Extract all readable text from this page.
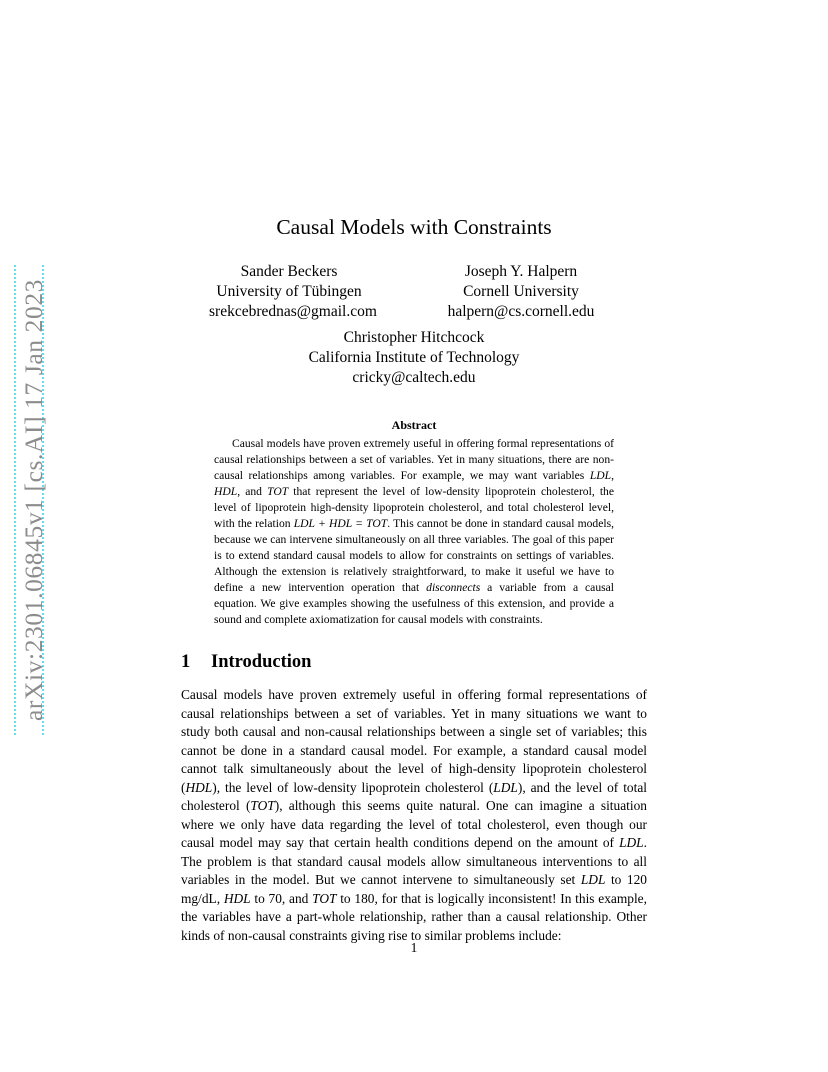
arXiv:2301.06845v1 [cs.AI] 17 Jan 2023
Causal Models with Constraints
Sander Beckers
University of Tübingen
srekcebrednas@gmail.com
Joseph Y. Halpern
Cornell University
halpern@cs.cornell.edu
Christopher Hitchcock
California Institute of Technology
cricky@caltech.edu
Abstract

Causal models have proven extremely useful in offering formal representations of causal relationships between a set of variables. Yet in many situations, there are non-causal relationships among variables. For example, we may want variables LDL, HDL, and TOT that represent the level of low-density lipoprotein cholesterol, the level of lipoprotein high-density lipoprotein cholesterol, and total cholesterol level, with the relation LDL + HDL = TOT. This cannot be done in standard causal models, because we can intervene simultaneously on all three variables. The goal of this paper is to extend standard causal models to allow for constraints on settings of variables. Although the extension is relatively straightforward, to make it useful we have to define a new intervention operation that disconnects a variable from a causal equation. We give examples showing the usefulness of this extension, and provide a sound and complete axiomatization for causal models with constraints.

1 Introduction

Causal models have proven extremely useful in offering formal representations of causal relationships between a set of variables. Yet in many situations we want to study both causal and non-causal relationships between a single set of variables; this cannot be done in a standard causal model. For example, a standard causal model cannot talk simultaneously about the level of high-density lipoprotein cholesterol (HDL), the level of low-density lipoprotein cholesterol (LDL), and the level of total cholesterol (TOT), although this seems quite natural. One can imagine a situation where we only have data regarding the level of total cholesterol, even though our causal model may say that certain health conditions depend on the amount of LDL. The problem is that standard causal models allow simultaneous interventions to all variables in the model. But we cannot intervene to simultaneously set LDL to 120 mg/dL, HDL to 70, and TOT to 180, for that is logically inconsistent! In this example, the variables have a part-whole relationship, rather than a causal relationship. Other kinds of non-causal constraints giving rise to similar problems include:

1
